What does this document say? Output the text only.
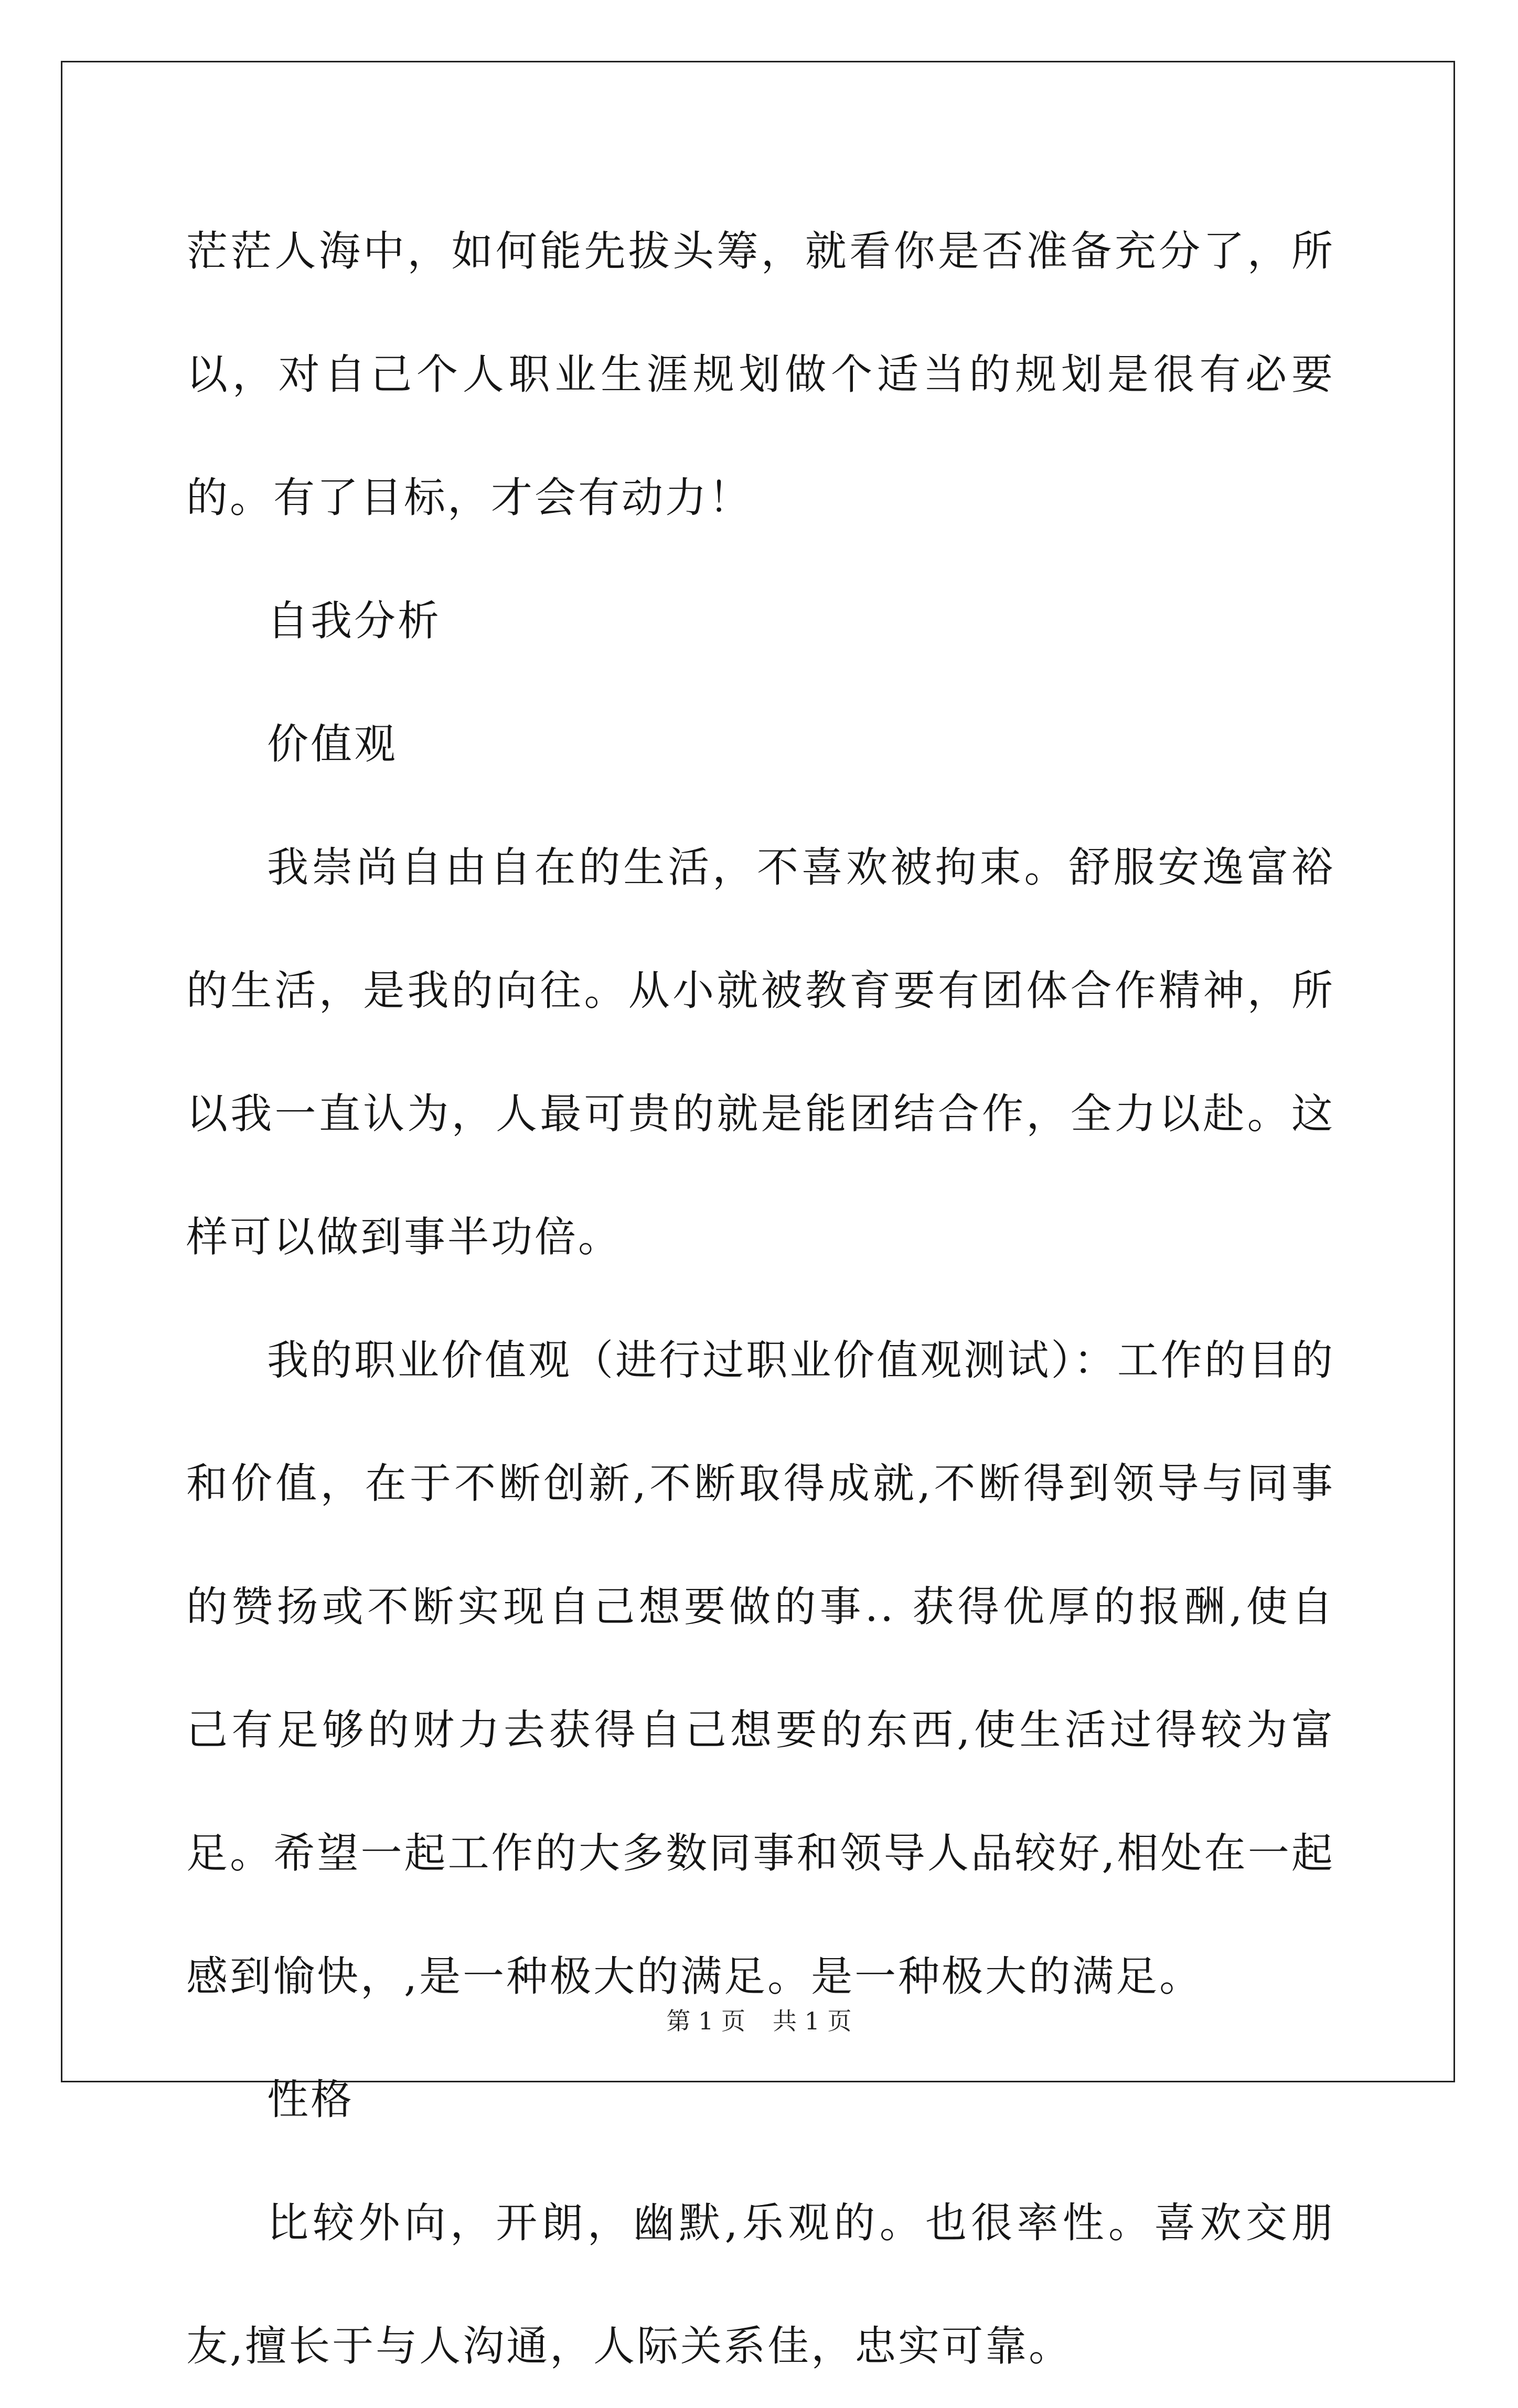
茫茫人海中，如何能先拔头筹，就看你是否准备充分了，所以，对自己个人职业生涯规划做个适当的规划是很有必要的。有了目标，才会有动力！

自我分析

价值观

我崇尚自由自在的生活，不喜欢被拘束。舒服安逸富裕的生活，是我的向往。从小就被教育要有团体合作精神，所以我一直认为，人最可贵的就是能团结合作，全力以赴。这样可以做到事半功倍。

我的职业价值观（进行过职业价值观测试）：工作的目的和价值，在于不断创新,不断取得成就,不断得到领导与同事的赞扬或不断实现自己想要做的事.. 获得优厚的报酬,使自己有足够的财力去获得自己想要的东西,使生活过得较为富足。希望一起工作的大多数同事和领导人品较好,相处在一起感到愉快，,是一种极大的满足。是一种极大的满足。

性格

比较外向，开朗，幽默,乐观的。也很率性。喜欢交朋友,擅长于与人沟通，人际关系佳，忠实可靠。

第 1 页 共 1 页
